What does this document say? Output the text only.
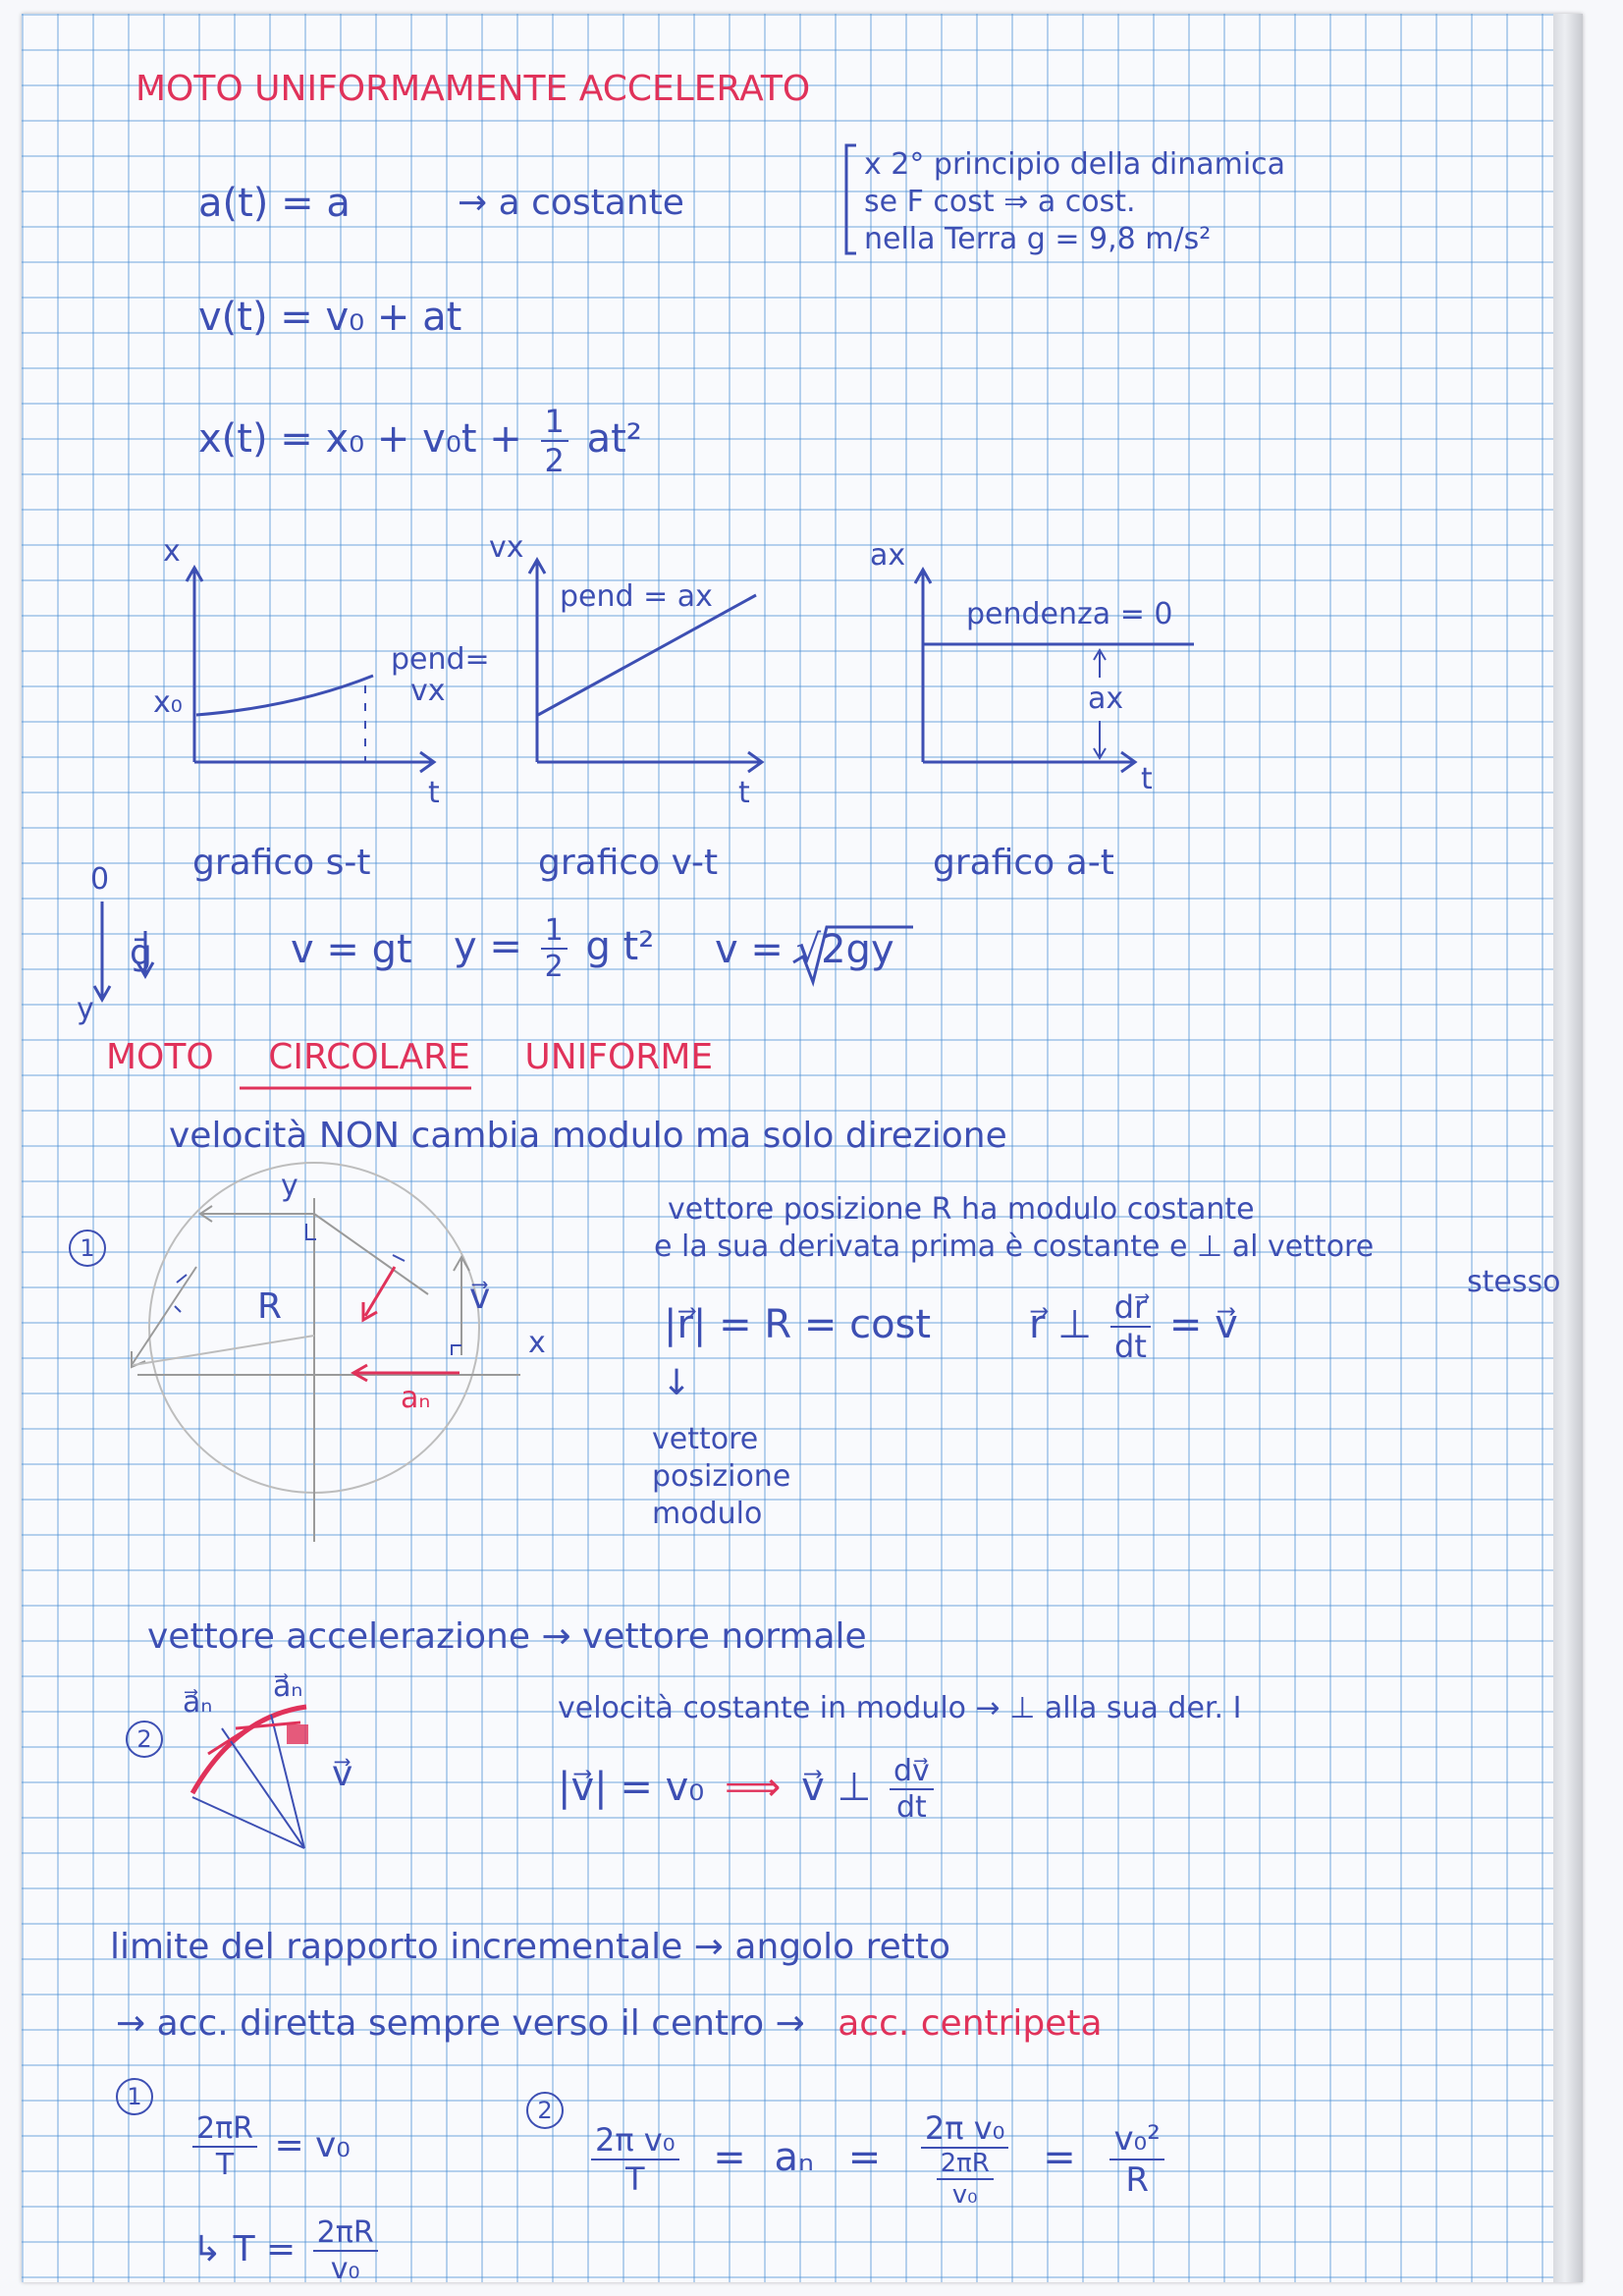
MOTO UNIFORMAMENTE ACCELERATO
a(t) = a	→ a costante
v(t) = v₀ + at
$x(t) = x_0 + v_0t + \frac{1}{2} at^2$
x 2° principio della dinamica
se F cost ⇒ a cost.
nella Terra g = 9,8 m/s²
x
t
x₀
pend=
vx
grafico s-t
vx
t
pend = ax
grafico v-t
ax
t
pendenza = 0
ax
grafico a-t
0
ḡ
y
v = gt $y = \frac{1}{2}$ g t² v = √2gy
MOTO CIRCOLARE UNIFORME
velocità NON cambia modulo ma solo direzione
1
y
x
R	v⃗
aₙ
vettore posizione R ha modulo costante
e la sua derivata prima è costante e ⊥ al vettore
stesso
|r⃗| = R = cost r⃗ ⊥ $\frac{dr⃗}{dt}$ = v⃗
↓
vettore
posizione
modulo
vettore accelerazione → vettore normale
2
a⃗ₙ a⃗ₙ
v⃗
velocità costante in modulo → ⊥ alla sua der. I
|v⃗| = v₀ ⟹ v⃗ ⊥ $\frac{dv⃗}{dt}$
limite del rapporto incrementale → angolo retto
→ acc. diretta sempre verso il centro → acc. centripeta
1
$\frac{2\pi R}{T} = v_0$
↳ $T = \frac{2\pi R}{\text{v₀}}$
2
$\frac{\text{2π v₀}}{T} = a_n = \frac{\text{2π v₀}}{\frac{2\pi R}{\text{v₀}}} = \frac{\text{v₀²}}{R}$
